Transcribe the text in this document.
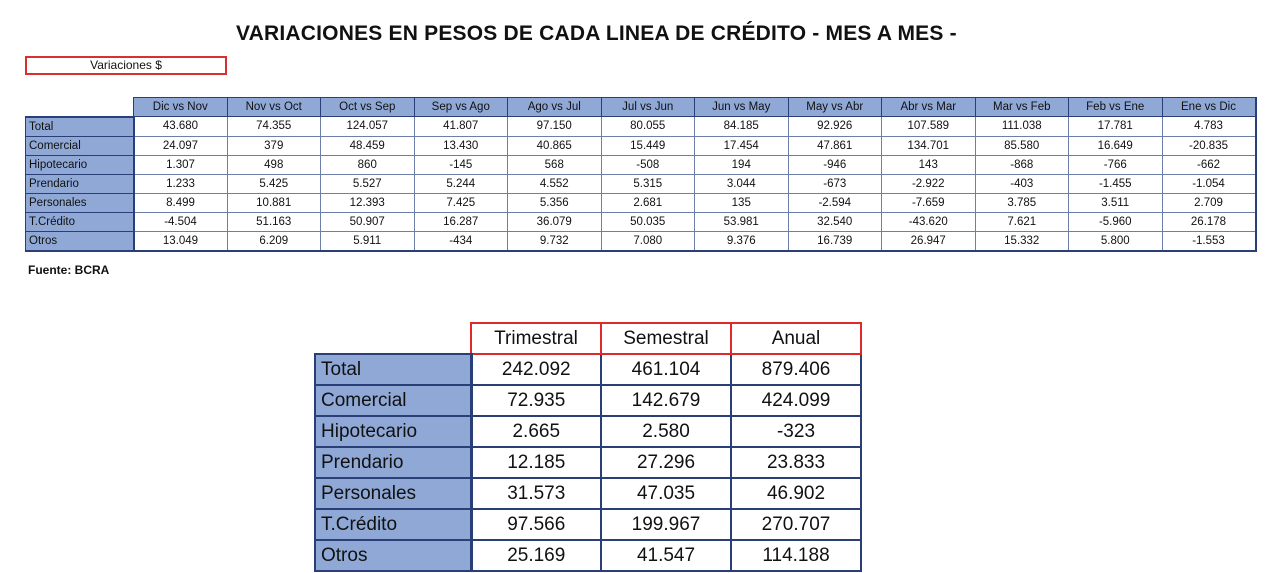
VARIACIONES EN PESOS DE CADA LINEA DE CRÉDITO - MES A MES -
Variaciones $
	Dic vs Nov	Nov vs Oct	Oct vs Sep	Sep vs Ago	Ago vs Jul	Jul vs Jun	Jun vs May	May vs Abr	Abr vs Mar	Mar vs Feb	Feb vs Ene	Ene vs Dic
Total	43.680	74.355	124.057	41.807	97.150	80.055	84.185	92.926	107.589	111.038	17.781	4.783
Comercial	24.097	379	48.459	13.430	40.865	15.449	17.454	47.861	134.701	85.580	16.649	-20.835
Hipotecario	1.307	498	860	-145	568	-508	194	-946	143	-868	-766	-662
Prendario	1.233	5.425	5.527	5.244	4.552	5.315	3.044	-673	-2.922	-403	-1.455	-1.054
Personales	8.499	10.881	12.393	7.425	5.356	2.681	135	-2.594	-7.659	3.785	3.511	2.709
T.Crédito	-4.504	51.163	50.907	16.287	36.079	50.035	53.981	32.540	-43.620	7.621	-5.960	26.178
Otros	13.049	6.209	5.911	-434	9.732	7.080	9.376	16.739	26.947	15.332	5.800	-1.553
Fuente: BCRA
	Trimestral	Semestral	Anual
Total	242.092	461.104	879.406
Comercial	72.935	142.679	424.099
Hipotecario	2.665	2.580	-323
Prendario	12.185	27.296	23.833
Personales	31.573	47.035	46.902
T.Crédito	97.566	199.967	270.707
Otros	25.169	41.547	114.188
